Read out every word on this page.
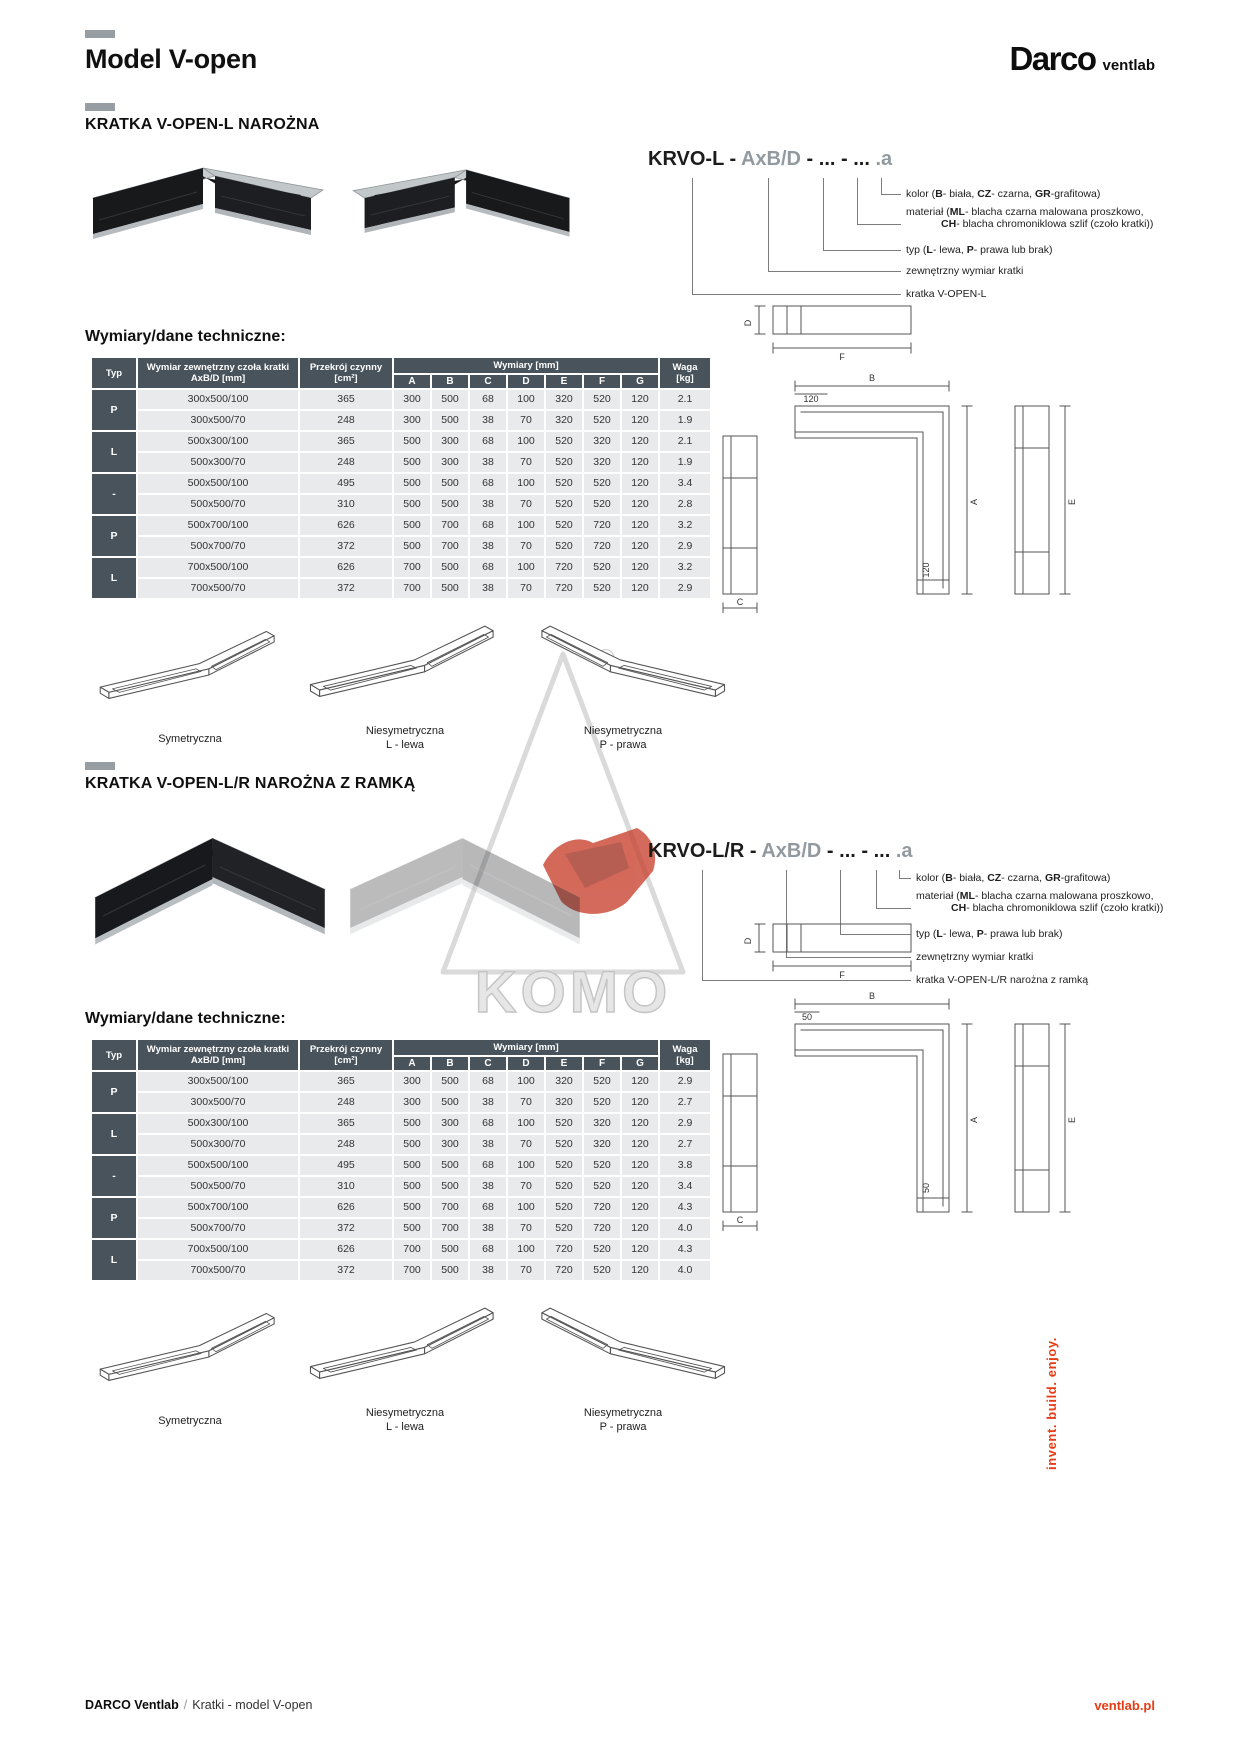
KOMO
Model V-open	Darco ventlab
KRATKA V-OPEN-L NAROŻNA
KRVO-L - AxB/D - ... - ... .a
kolor (B- biała, CZ- czarna, GR-grafitowa)
materiał (ML- blacha czarna malowana proszkowo,
CH- blacha chromoniklowa szlif (czoło kratki))
typ (L- lewa, P- prawa lub brak)
zewnętrzny wymiar kratki
kratka V-OPEN-L
Wymiary/dane techniczne:
Typ	Wymiar zewnętrzny czoła kratki
AxB/D [mm]

Przekrój czynny
[cm²]
	Wymiary [mm]	Waga
[kg]

			A	B	C	D	E	F	G	
P	300x500/100	365	300	500	68	100	320	520	120	2.1
	300x500/70	248	300	500	38	70	320	520	120	1.9
L	500x300/100	365	500	300	68	100	520	320	120	2.1
	500x300/70	248	500	300	38	70	520	320	120	1.9
-	500x500/100	495	500	500	68	100	520	520	120	3.4
	500x500/70	310	500	500	38	70	520	520	120	2.8
P	500x700/100	626	500	700	68	100	520	720	120	3.2
	500x700/70	372	500	700	38	70	520	720	120	2.9
L	700x500/100	626	700	500	68	100	720	520	120	3.2
	700x500/70	372	700	500	38	70	720	520	120	2.9
D
F
B
120
A
120
E
C
Symetryczna
Niesymetryczna
L - lewa
Niesymetryczna
P - prawa
KRATKA V-OPEN-L/R NAROŻNA Z RAMKĄ
KRVO-L/R - AxB/D - ... - ... .a
kolor (B- biała, CZ- czarna, GR-grafitowa)
materiał (ML- blacha czarna malowana proszkowo,
CH- blacha chromoniklowa szlif (czoło kratki))
typ (L- lewa, P- prawa lub brak)
zewnętrzny wymiar kratki
kratka V-OPEN-L/R narożna z ramką
Wymiary/dane techniczne:
Typ	Wymiar zewnętrzny czoła kratki
AxB/D [mm]

Przekrój czynny
[cm²]
	Wymiary [mm]	Waga
[kg]

			A	B	C	D	E	F	G	
P	300x500/100	365	300	500	68	100	320	520	120	2.9
	300x500/70	248	300	500	38	70	320	520	120	2.7
L	500x300/100	365	500	300	68	100	520	320	120	2.9
	500x300/70	248	500	300	38	70	520	320	120	2.7
-	500x500/100	495	500	500	68	100	520	520	120	3.8
	500x500/70	310	500	500	38	70	520	520	120	3.4
P	500x700/100	626	500	700	68	100	520	720	120	4.3
	500x700/70	372	500	700	38	70	520	720	120	4.0
L	700x500/100	626	700	500	68	100	720	520	120	4.3
	700x500/70	372	700	500	38	70	720	520	120	4.0
D
F
B
50
A
50
E
C
Symetryczna
Niesymetryczna
L - lewa
Niesymetryczna
P - prawa	invent. build. enjoy.
DARCO Ventlab / Kratki - model V-open	ventlab.pl
